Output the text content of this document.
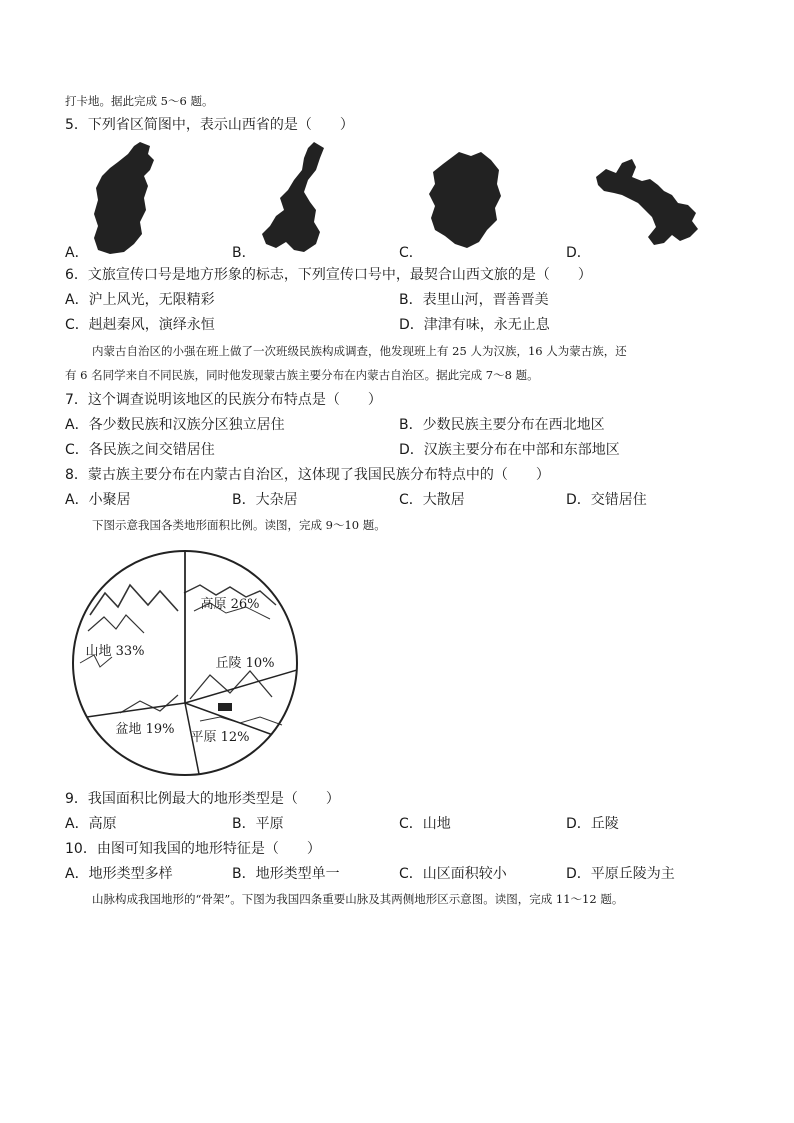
打卡地。据此完成 5～6 题。
5．下列省区简图中，表示山西省的是（　　）
A．	B．	C．	D．
6．文旅宣传口号是地方形象的标志，下列宣传口号中，最契合山西文旅的是（　　）
A．沪上风光，无限精彩	B．表里山河，晋善晋美
C．赳赳秦风，演绎永恒	D．津津有味，永无止息
内蒙古自治区的小强在班上做了一次班级民族构成调查，他发现班上有 25 人为汉族，16 人为蒙古族，还
有 6 名同学来自不同民族，同时他发现蒙古族主要分布在内蒙古自治区。据此完成 7～8 题。
7．这个调查说明该地区的民族分布特点是（　　）
A．各少数民族和汉族分区独立居住	B．少数民族主要分布在西北地区
C．各民族之间交错居住	D．汉族主要分布在中部和东部地区
8．蒙古族主要分布在内蒙古自治区，这体现了我国民族分布特点中的（　　）
A．小聚居	B．大杂居	C．大散居	D．交错居住
下图示意我国各类地形面积比例。读图，完成 9～10 题。
高原 26%
丘陵 10%
平原 12%
盆地 19%
山地 33%
9．我国面积比例最大的地形类型是（　　）
A．高原	B．平原	C．山地	D．丘陵
10．由图可知我国的地形特征是（　　）
A．地形类型多样	B．地形类型单一	C．山区面积较小	D．平原丘陵为主
山脉构成我国地形的“骨架”。下图为我国四条重要山脉及其两侧地形区示意图。读图，完成 11～12 题。
